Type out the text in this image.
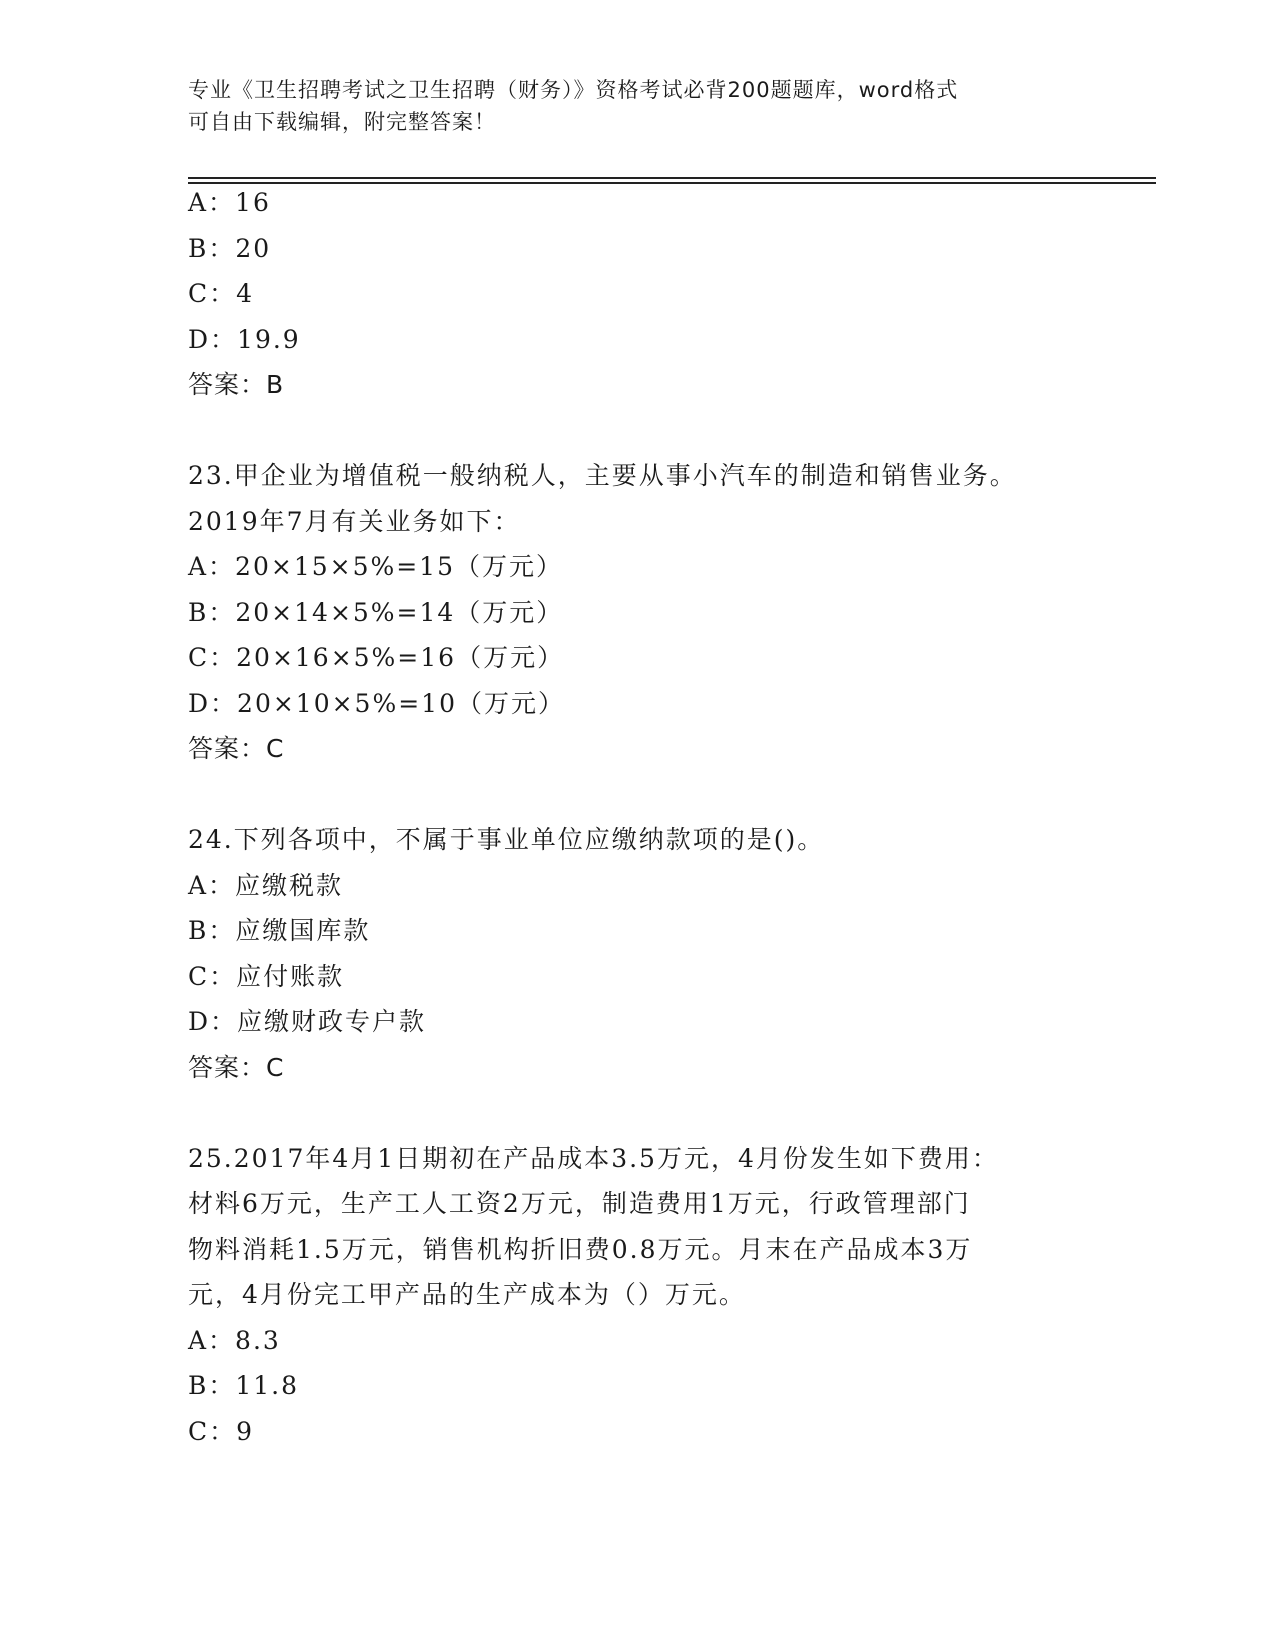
专业《卫生招聘考试之卫生招聘（财务）》资格考试必背200题题库，word格式
可自由下载编辑，附完整答案！
A：16
B：20
C：4
D：19.9
答案：B
23.甲企业为增值税一般纳税人，主要从事小汽车的制造和销售业务。
2019年7月有关业务如下：
A：20×15×5%=15（万元）
B：20×14×5%=14（万元）
C：20×16×5%=16（万元）
D：20×10×5%=10（万元）
答案：C
24.下列各项中，不属于事业单位应缴纳款项的是()。
A：应缴税款
B：应缴国库款
C：应付账款
D：应缴财政专户款
答案：C
25.2017年4月1日期初在产品成本3.5万元，4月份发生如下费用：
材料6万元，生产工人工资2万元，制造费用1万元，行政管理部门
物料消耗1.5万元，销售机构折旧费0.8万元。月末在产品成本3万
元，4月份完工甲产品的生产成本为（）万元。
A：8.3
B：11.8
C：9
